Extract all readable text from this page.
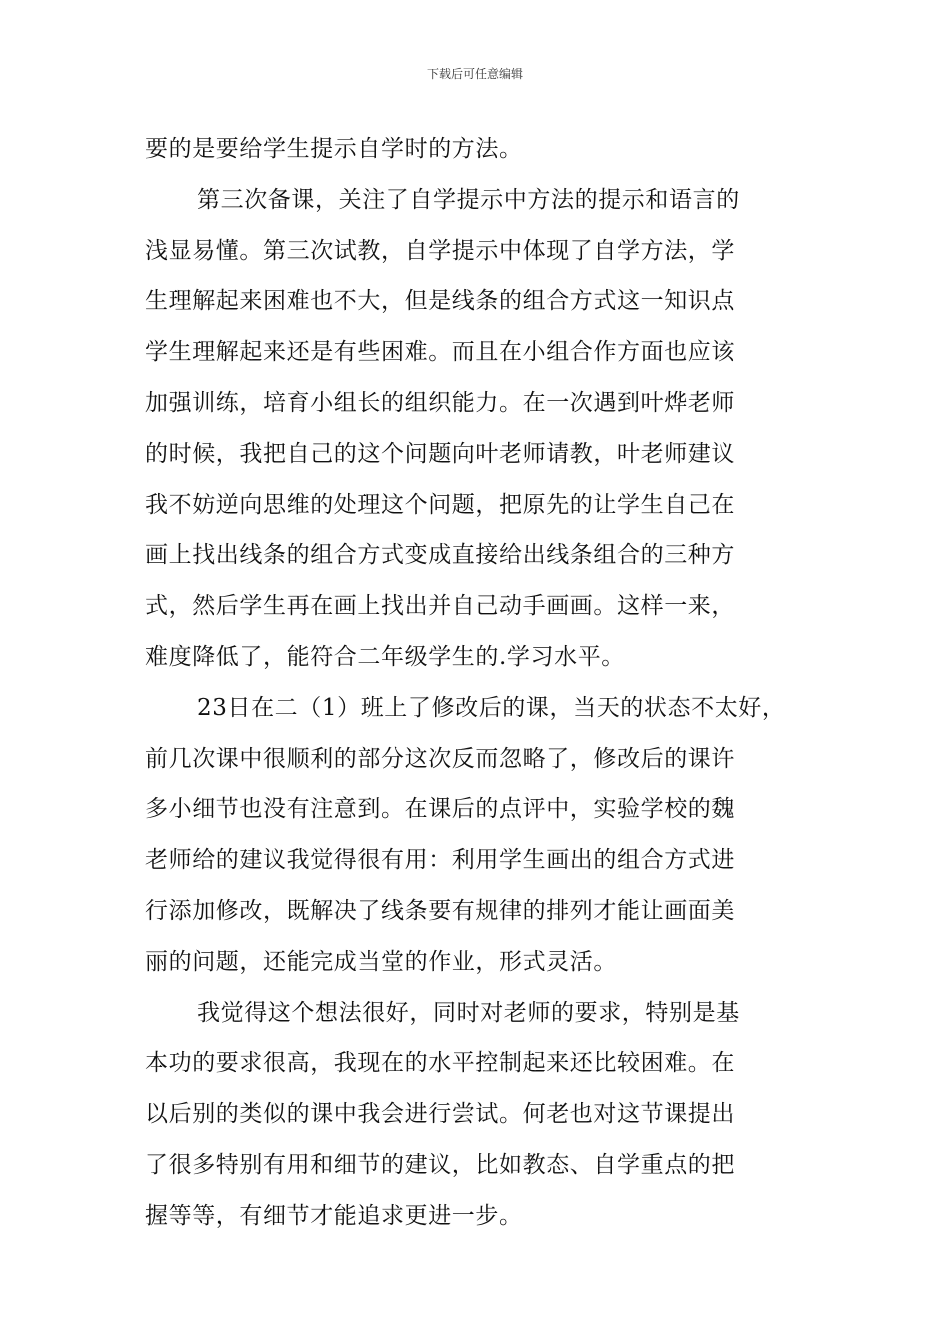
下载后可任意编辑
要的是要给学生提示自学时的方法。
第三次备课，关注了自学提示中方法的提示和语言的
浅显易懂。第三次试教，自学提示中体现了自学方法，学
生理解起来困难也不大，但是线条的组合方式这一知识点
学生理解起来还是有些困难。而且在小组合作方面也应该
加强训练，培育小组长的组织能力。在一次遇到叶烨老师
的时候，我把自己的这个问题向叶老师请教，叶老师建议
我不妨逆向思维的处理这个问题，把原先的让学生自己在
画上找出线条的组合方式变成直接给出线条组合的三种方
式，然后学生再在画上找出并自己动手画画。这样一来，
难度降低了，能符合二年级学生的.学习水平。
23日在二（1）班上了修改后的课，当天的状态不太好，
前几次课中很顺利的部分这次反而忽略了，修改后的课许
多小细节也没有注意到。在课后的点评中，实验学校的魏
老师给的建议我觉得很有用：利用学生画出的组合方式进
行添加修改，既解决了线条要有规律的排列才能让画面美
丽的问题，还能完成当堂的作业，形式灵活。
我觉得这个想法很好，同时对老师的要求，特别是基
本功的要求很高，我现在的水平控制起来还比较困难。在
以后别的类似的课中我会进行尝试。何老也对这节课提出
了很多特别有用和细节的建议，比如教态、自学重点的把
握等等，有细节才能追求更进一步。
